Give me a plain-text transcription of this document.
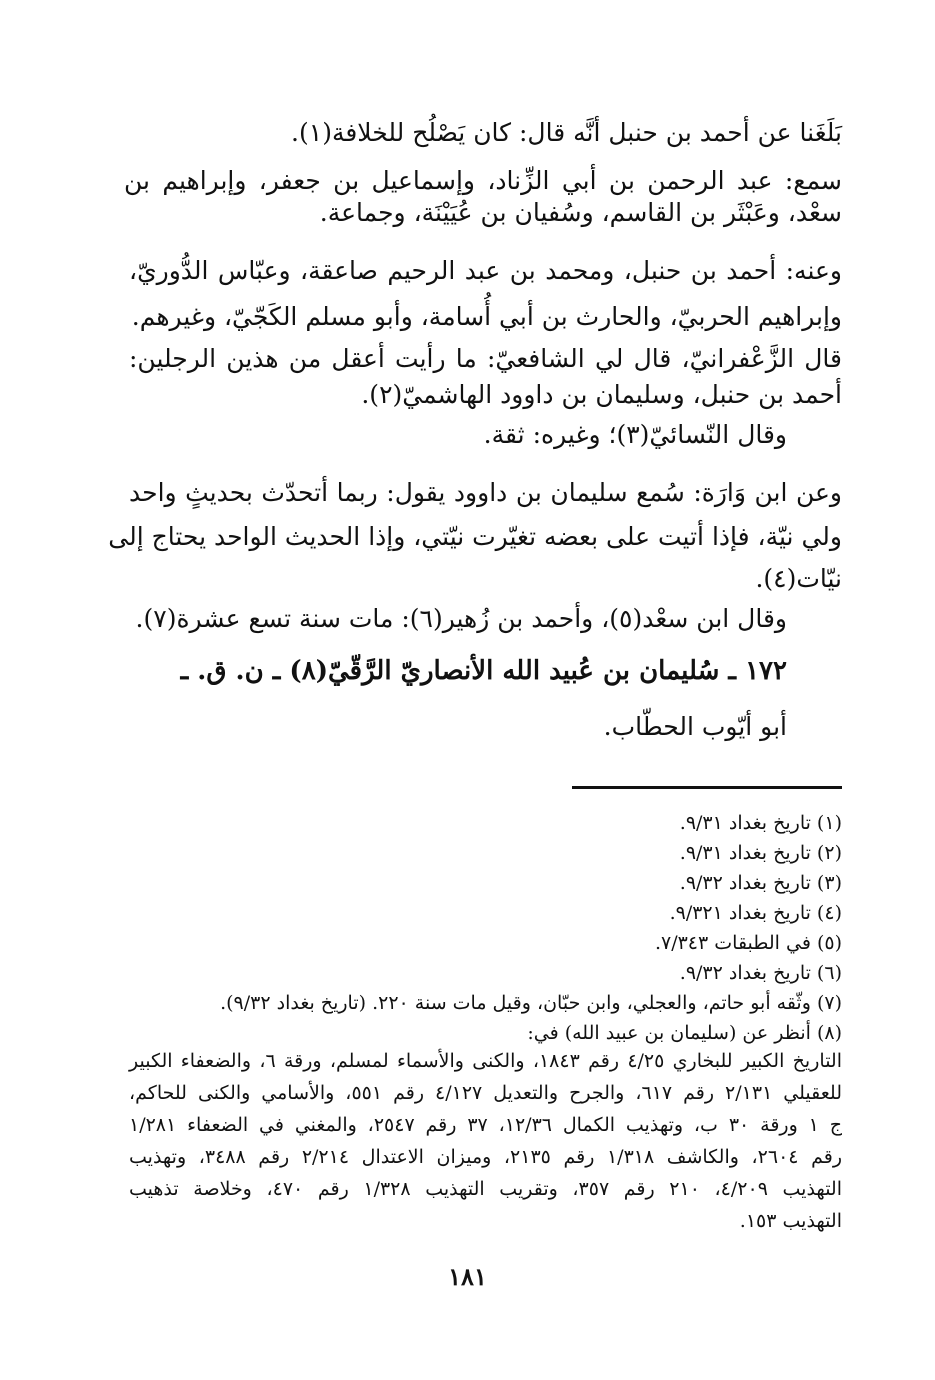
بَلَغَنا عن أحمد بن حنبل أنَّه قال: كان يَصْلُح للخلافة(١).
سمع: عبد الرحمن بن أبي الزِّناد، وإسماعيل بن جعفر، وإبراهيم بن
سعْد، وعَبْثَر بن القاسم، وسُفيان بن عُيَيْنَة، وجماعة.
وعنه: أحمد بن حنبل، ومحمد بن عبد الرحيم صاعقة، وعبّاس الدُّوريّ،
وإبراهيم الحربيّ، والحارث بن أبي أُسامة، وأبو مسلم الكَجّيّ، وغيرهم.
قال الزَّعْفرانيّ، قال لي الشافعيّ: ما رأيت أعقل من هذين الرجلين:
أحمد بن حنبل، وسليمان بن داوود الهاشميّ(٢).
وقال النّسائيّ(٣)؛ وغيره: ثقة.
وعن ابن وَارَة: سُمع سليمان بن داوود يقول: ربما أتحدّث بحديثٍ واحد
ولي نيّة، فإذا أتيت على بعضه تغيّرت نيّتي، وإذا الحديث الواحد يحتاج إلى
نيّات(٤).
وقال ابن سعْد(٥)، وأحمد بن زُهير(٦): مات سنة تسع عشرة(٧).
١٧٢ ـ سُليمان بن عُبيد الله الأنصاريّ الرَّقّيّ(٨) ـ ن. ق. ـ
أبو أيّوب الحطّاب.
(١) تاريخ بغداد ٩/٣١.
(٢) تاريخ بغداد ٩/٣١.
(٣) تاريخ بغداد ٩/٣٢.
(٤) تاريخ بغداد ٩/٣٢١.
(٥) في الطبقات ٧/٣٤٣.
(٦) تاريخ بغداد ٩/٣٢.
(٧) وثّقه أبو حاتم، والعجلي، وابن حبّان، وقيل مات سنة ٢٢٠. (تاريخ بغداد ٩/٣٢).
(٨) أنظر عن (سليمان بن عبيد الله) في:
التاريخ الكبير للبخاري ٤/٢٥ رقم ١٨٤٣، والكنى والأسماء لمسلم، ورقة ٦، والضعفاء الكبير
للعقيلي ٢/١٣١ رقم ٦١٧، والجرح والتعديل ٤/١٢٧ رقم ٥٥١، والأسامي والكنى للحاكم،
ج ١ ورقة ٣٠ ب، وتهذيب الكمال ١٢/٣٦، ٣٧ رقم ٢٥٤٧، والمغني في الضعفاء ١/٢٨١
رقم ٢٦٠٤، والكاشف ١/٣١٨ رقم ٢١٣٥، وميزان الاعتدال ٢/٢١٤ رقم ٣٤٨٨، وتهذيب
التهذيب ٤/٢٠٩، ٢١٠ رقم ٣٥٧، وتقريب التهذيب ١/٣٢٨ رقم ٤٧٠، وخلاصة تذهيب
التهذيب ١٥٣.
١٨١
